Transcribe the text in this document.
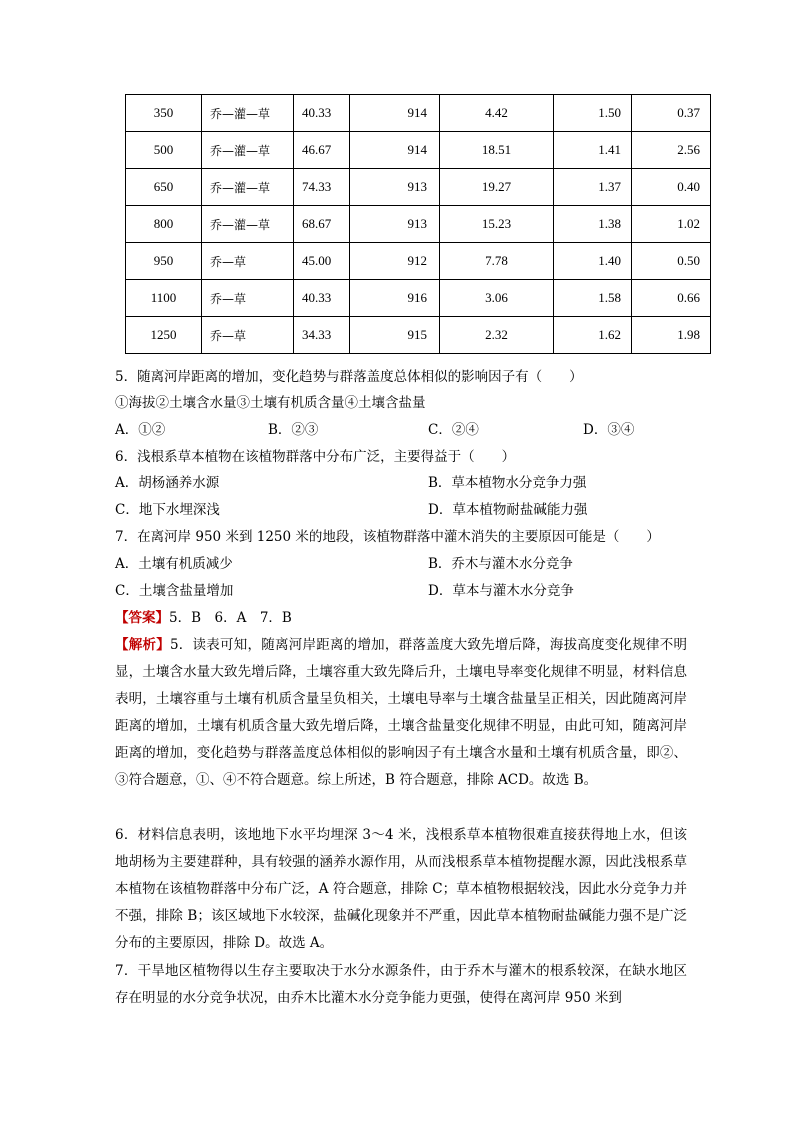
350	乔—灌—草	40.33	914	4.42	1.50	0.37
500	乔—灌—草	46.67	914	18.51	1.41	2.56
650	乔—灌—草	74.33	913	19.27	1.37	0.40
800	乔—灌—草	68.67	913	15.23	1.38	1.02
950	乔—草	45.00	912	7.78	1.40	0.50
1100	乔—草	40.33	916	3.06	1.58	0.66
1250	乔—草	34.33	915	2.32	1.62	1.98
5．随离河岸距离的增加，变化趋势与群落盖度总体相似的影响因子有（　　）
①海拔②土壤含水量③土壤有机质含量④土壤含盐量
A．①②	B．②③	C．②④	D．③④
6．浅根系草本植物在该植物群落中分布广泛，主要得益于（　　）
A．胡杨涵养水源	B．草本植物水分竞争力强
C．地下水埋深浅	D．草本植物耐盐碱能力强
7．在离河岸 950 米到 1250 米的地段，该植物群落中灌木消失的主要原因可能是（　　）
A．土壤有机质减少	B．乔木与灌木水分竞争
C．土壤含盐量增加	D．草本与灌木水分竞争
【答案】5．B　6．A　7．B
【解析】5．读表可知，随离河岸距离的增加，群落盖度大致先增后降，海拔高度变化规律不明显，土壤含水量大致先增后降，土壤容重大致先降后升，土壤电导率变化规律不明显，材料信息表明，土壤容重与土壤有机质含量呈负相关，土壤电导率与土壤含盐量呈正相关，因此随离河岸距离的增加，土壤有机质含量大致先增后降，土壤含盐量变化规律不明显，由此可知，随离河岸距离的增加，变化趋势与群落盖度总体相似的影响因子有土壤含水量和土壤有机质含量，即②、③符合题意，①、④不符合题意。综上所述，B 符合题意，排除 ACD。故选 B。
6．材料信息表明，该地地下水平均埋深 3～4 米，浅根系草本植物很难直接获得地上水，但该地胡杨为主要建群种，具有较强的涵养水源作用，从而浅根系草本植物提醒水源，因此浅根系草本植物在该植物群落中分布广泛，A 符合题意，排除 C；草本植物根据较浅，因此水分竞争力并不强，排除 B；该区域地下水较深，盐碱化现象并不严重，因此草本植物耐盐碱能力强不是广泛分布的主要原因，排除 D。故选 A。
7．干旱地区植物得以生存主要取决于水分水源条件，由于乔木与灌木的根系较深，在缺水地区存在明显的水分竞争状况，由乔木比灌木水分竞争能力更强，使得在离河岸 950 米到
